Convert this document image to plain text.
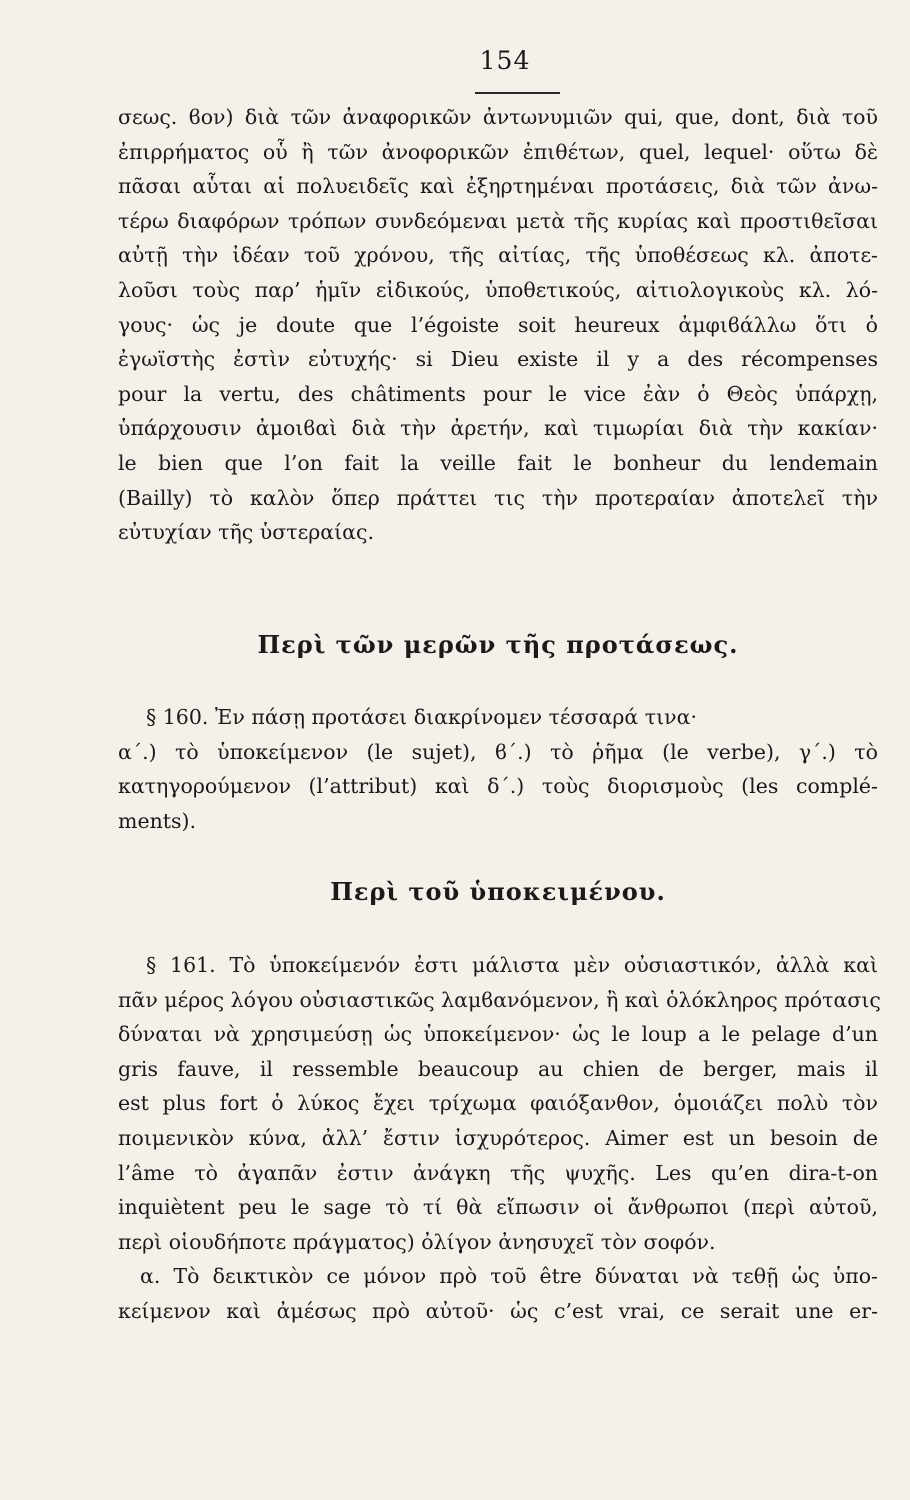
154
σεως. ϐον) διὰ τῶν ἀναφορικῶν ἀντωνυμιῶν qui, que, dont, διὰ τοῦ
ἐπιρρήματος οὗ ἢ τῶν ἀνοφορικῶν ἐπιθέτων, quel, lequel· οὕτω δὲ
πᾶσαι αὗται αἱ πολυειδεῖς καὶ ἐξηρτημέναι προτάσεις, διὰ τῶν ἀνω-
τέρω διαφόρων τρόπων συνδεόμεναι μετὰ τῆς κυρίας καὶ προστιθεῖσαι
αὐτῇ τὴν ἰδέαν τοῦ χρόνου, τῆς αἰτίας, τῆς ὑποθέσεως κλ. ἀποτε-
λοῦσι τοὺς παρ’ ἡμῖν εἰδικούς, ὑποθετικούς, αἰτιολογικοὺς κλ. λό-
γους· ὡς je doute que l’égoiste soit heureux ἀμφιϐάλλω ὅτι ὁ
ἐγωϊστὴς ἐστὶν εὐτυχής· si Dieu existe il y a des récompenses
pour la vertu, des châtiments pour le vice ἐὰν ὁ Θεὸς ὑπάρχῃ,
ὑπάρχουσιν ἀμοιϐαὶ διὰ τὴν ἀρετήν, καὶ τιμωρίαι διὰ τὴν κακίαν·
le bien que l’on fait la veille fait le bonheur du lendemain
(Bailly) τὸ καλὸν ὅπερ πράττει τις τὴν προτεραίαν ἀποτελεῖ τὴν
εὐτυχίαν τῆς ὑστεραίας.
Περὶ τῶν μερῶν τῆς προτάσεως.
§ 160. Ἐν πάσῃ προτάσει διακρίνομεν τέσσαρά τινα·
α΄.) τὸ ὑποκείμενον (le sujet), ϐ΄.) τὸ ῥῆμα (le verbe), γ΄.) τὸ
κατηγορούμενον (l’attribut) καὶ δ΄.) τοὺς διορισμοὺς (les complé-
ments).
Περὶ τοῦ ὑποκειμένου.
§ 161. Τὸ ὑποκείμενόν ἐστι μάλιστα μὲν οὐσιαστικόν, ἀλλὰ καὶ
πᾶν μέρος λόγου οὐσιαστικῶς λαμϐανόμενον, ἢ καὶ ὁλόκληρος πρότασις
δύναται νὰ χρησιμεύσῃ ὡς ὑποκείμενον· ὡς le loup a le pelage d’un
gris fauve, il ressemble beaucoup au chien de berger, mais il
est plus fort ὁ λύκος ἔχει τρίχωμα φαιόξανθον, ὁμοιάζει πολὺ τὸν
ποιμενικὸν κύνα, ἀλλ’ ἔστιν ἰσχυρότερος. Aimer est un besoin de
l’âme τὸ ἀγαπᾶν ἐστιν ἀνάγκη τῆς ψυχῆς. Les qu’en dira-t-on
inquiètent peu le sage τὸ τί θὰ εἴπωσιν οἱ ἄνθρωποι (περὶ αὐτοῦ,
περὶ οἱουδήποτε πράγματος) ὀλίγον ἀνησυχεῖ τὸν σοφόν.
α. Τὸ δεικτικὸν ce μόνον πρὸ τοῦ être δύναται νὰ τεθῇ ὡς ὑπο-
κείμενον καὶ ἀμέσως πρὸ αὐτοῦ· ὡς c’est vrai, ce serait une er-
